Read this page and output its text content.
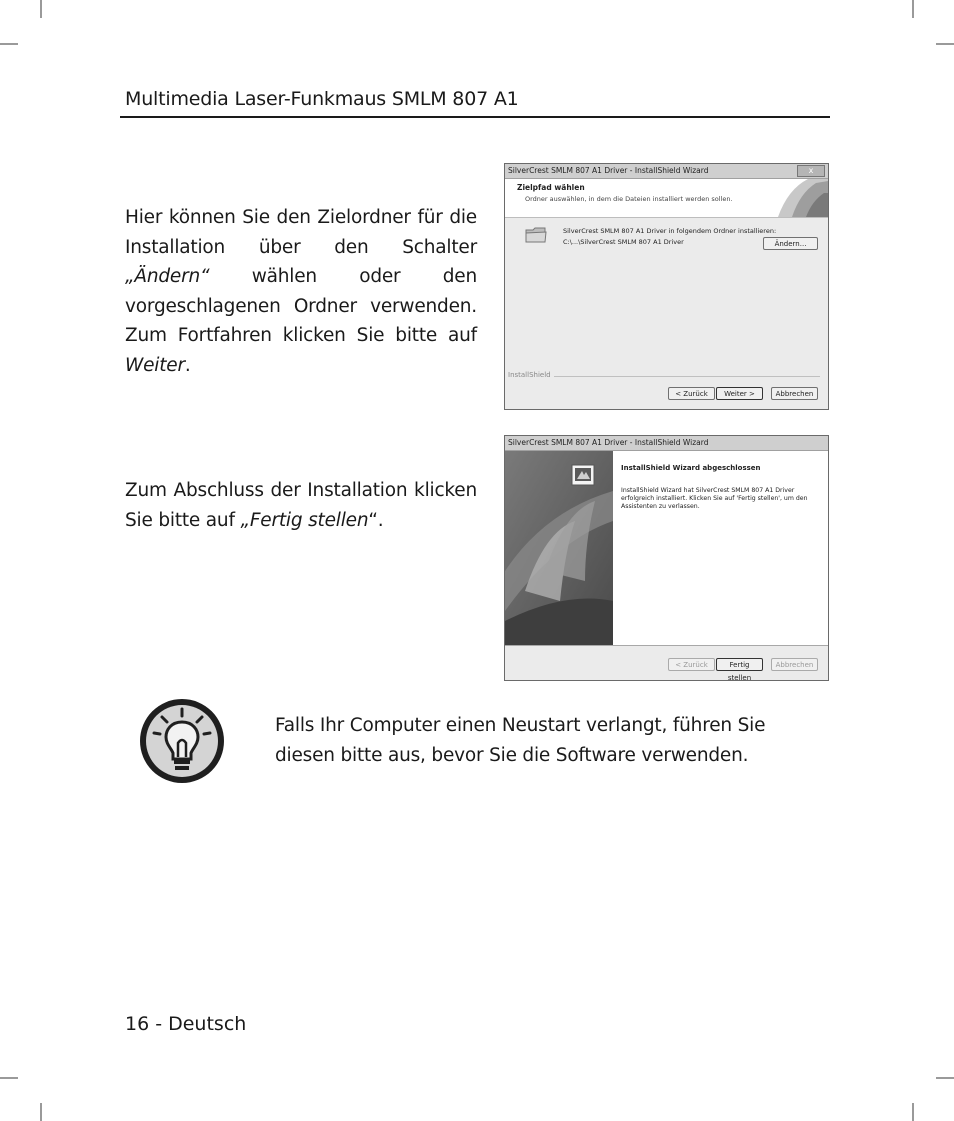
Multimedia Laser-Funkmaus SMLM 807 A1
Hier können Sie den Zielordner für die Installation über den Schalter „Ändern“ wählen oder den vorgeschlagenen Ordner verwenden. Zum Fortfahren klicken Sie bitte auf Weiter.
SilverCrest SMLM 807 A1 Driver - InstallShield Wizard	x
Zielpfad wählen
Ordner auswählen, in dem die Dateien installiert werden sollen.
SilverCrest SMLM 807 A1 Driver in folgendem Ordner installieren:
C:\...\SilverCrest SMLM 807 A1 Driver	Ändern...
InstallShield
< Zurück	Weiter >	Abbrechen
Zum Abschluss der Installation klicken Sie bitte auf „Fertig stellen“.
SilverCrest SMLM 807 A1 Driver - InstallShield Wizard
InstallShield Wizard abgeschlossen
InstallShield Wizard hat SilverCrest SMLM 807 A1 Driver erfolgreich installiert. Klicken Sie auf 'Fertig stellen', um den Assistenten zu verlassen.
< Zurück	Fertig stellen
Abbrechen
Falls Ihr Computer einen Neustart verlangt, führen Sie diesen bitte aus, bevor Sie die Software verwenden.
16 - Deutsch
